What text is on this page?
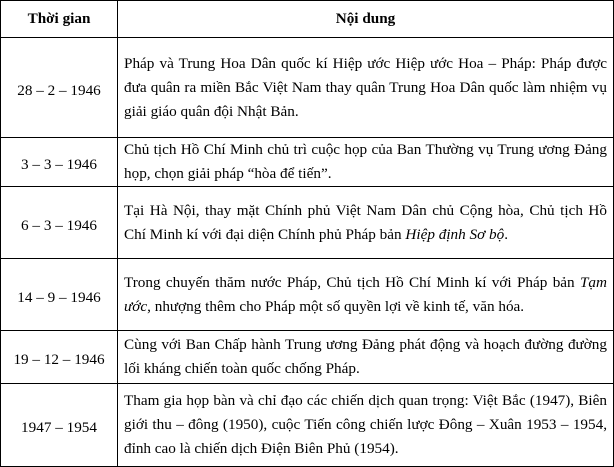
Thời gian	Nội dung
28 – 2 – 1946	Pháp và Trung Hoa Dân quốc kí Hiệp ước Hiệp ước Hoa – Pháp: Pháp được đưa quân ra miền Bắc Việt Nam thay quân Trung Hoa Dân quốc làm nhiệm vụ giải giáo quân đội Nhật Bản.
3 – 3 – 1946	Chủ tịch Hồ Chí Minh chủ trì cuộc họp của Ban Thường vụ Trung ương Đảng họp, chọn giải pháp “hòa để tiến”.
6 – 3 – 1946	Tại Hà Nội, thay mặt Chính phủ Việt Nam Dân chủ Cộng hòa, Chủ tịch Hồ Chí Minh kí với đại diện Chính phủ Pháp bản Hiệp định Sơ bộ.
14 – 9 – 1946	Trong chuyến thăm nước Pháp, Chủ tịch Hồ Chí Minh kí với Pháp bản Tạm ước, nhượng thêm cho Pháp một số quyền lợi về kinh tế, văn hóa.
19 – 12 – 1946	Cùng với Ban Chấp hành Trung ương Đảng phát động và hoạch đường đường lối kháng chiến toàn quốc chống Pháp.
1947 – 1954	Tham gia họp bàn và chỉ đạo các chiến dịch quan trọng: Việt Bắc (1947), Biên giới thu – đông (1950), cuộc Tiến công chiến lược Đông – Xuân 1953 – 1954, đỉnh cao là chiến dịch Điện Biên Phủ (1954).
